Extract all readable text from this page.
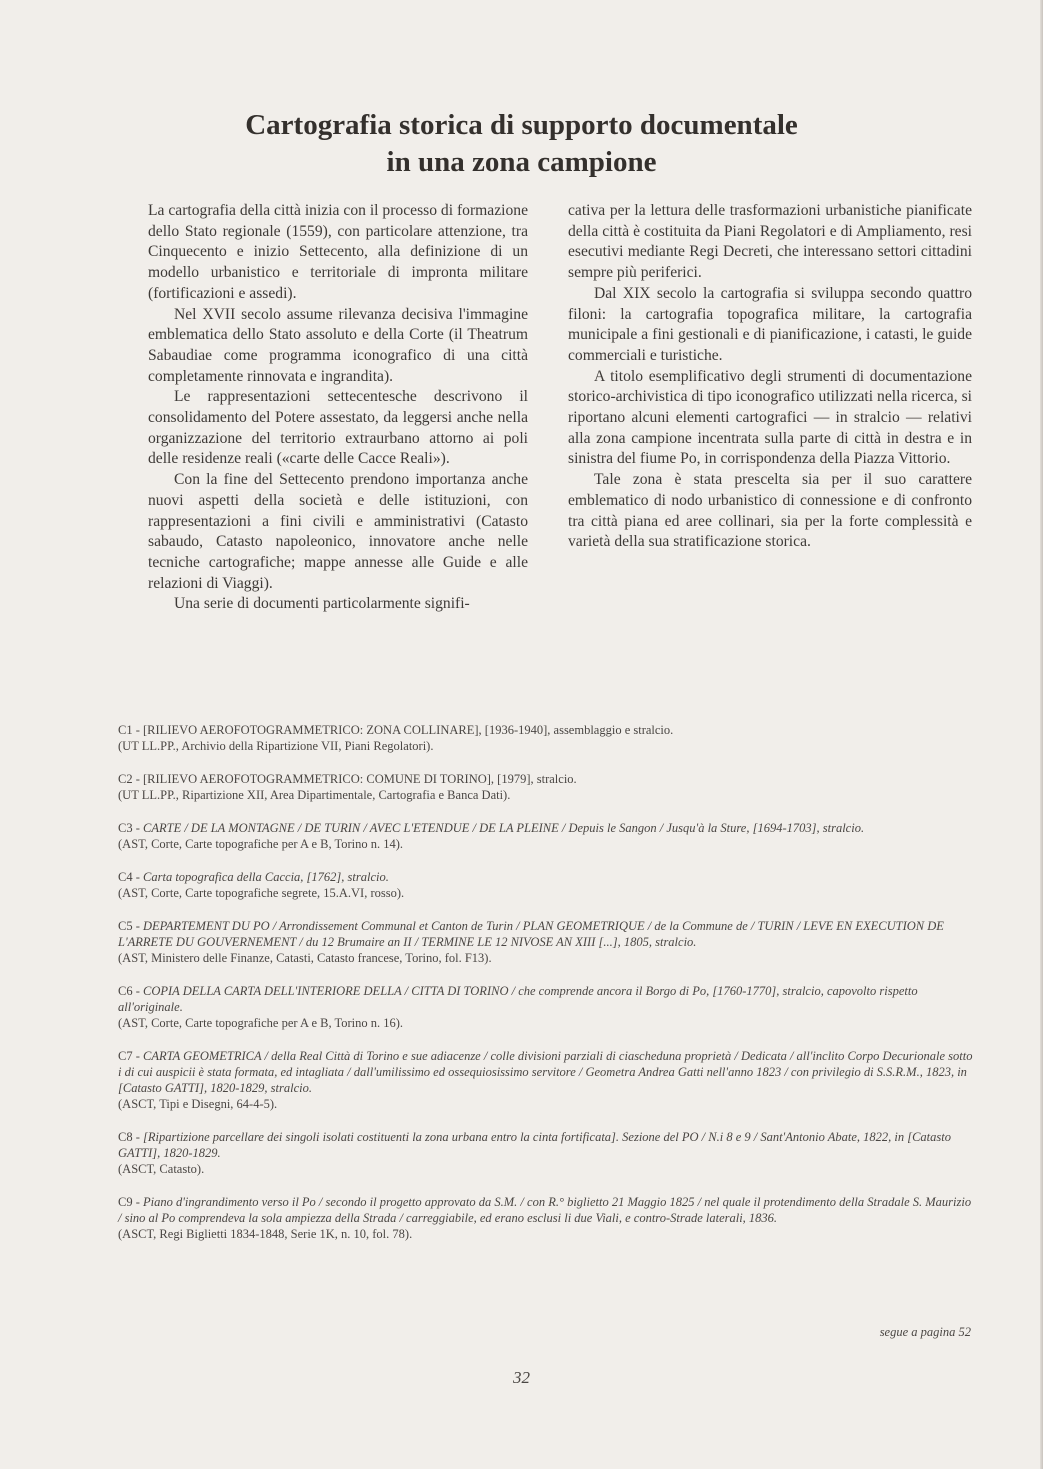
Cartografia storica di supporto documentale
in una zona campione

La cartografia della città inizia con il processo di formazione dello Stato regionale (1559), con particolare attenzione, tra Cinquecento e inizio Settecento, alla definizione di un modello urbanistico e territoriale di impronta militare (fortificazioni e assedi).

Nel XVII secolo assume rilevanza decisiva l'immagine emblematica dello Stato assoluto e della Corte (il Theatrum Sabaudiae come programma iconografico di una città completamente rinnovata e ingrandita).

Le rappresentazioni settecentesche descrivono il consolidamento del Potere assestato, da leggersi anche nella organizzazione del territorio extraurbano attorno ai poli delle residenze reali («carte delle Cacce Reali»).

Con la fine del Settecento prendono importanza anche nuovi aspetti della società e delle istituzioni, con rappresentazioni a fini civili e amministrativi (Catasto sabaudo, Catasto napoleonico, innovatore anche nelle tecniche cartografiche; mappe annesse alle Guide e alle relazioni di Viaggi).

Una serie di documenti particolarmente signifi-

cativa per la lettura delle trasformazioni urbanistiche pianificate della città è costituita da Piani Regolatori e di Ampliamento, resi esecutivi mediante Regi Decreti, che interessano settori cittadini sempre più periferici.

Dal XIX secolo la cartografia si sviluppa secondo quattro filoni: la cartografia topografica militare, la cartografia municipale a fini gestionali e di pianificazione, i catasti, le guide commerciali e turistiche.

A titolo esemplificativo degli strumenti di documentazione storico-archivistica di tipo iconografico utilizzati nella ricerca, si riportano alcuni elementi cartografici — in stralcio — relativi alla zona campione incentrata sulla parte di città in destra e in sinistra del fiume Po, in corrispondenza della Piazza Vittorio.

Tale zona è stata prescelta sia per il suo carattere emblematico di nodo urbanistico di connessione e di confronto tra città piana ed aree collinari, sia per la forte complessità e varietà della sua stratificazione storica.

C1 - [RILIEVO AEROFOTOGRAMMETRICO: ZONA COLLINARE], [1936-1940], assemblaggio e stralcio.
(UT LL.PP., Archivio della Ripartizione VII, Piani Regolatori).
C2 - [RILIEVO AEROFOTOGRAMMETRICO: COMUNE DI TORINO], [1979], stralcio.
(UT LL.PP., Ripartizione XII, Area Dipartimentale, Cartografia e Banca Dati).
C3 - CARTE / DE LA MONTAGNE / DE TURIN / AVEC L'ETENDUE / DE LA PLEINE / Depuis le Sangon / Jusqu'à la Sture, [1694-1703], stralcio.
(AST, Corte, Carte topografiche per A e B, Torino n. 14).
C4 - Carta topografica della Caccia, [1762], stralcio.
(AST, Corte, Carte topografiche segrete, 15.A.VI, rosso).
C5 - DEPARTEMENT DU PO / Arrondissement Communal et Canton de Turin / PLAN GEOMETRIQUE / de la Commune de / TURIN / LEVE EN EXECUTION DE L'ARRETE DU GOUVERNEMENT / du 12 Brumaire an II / TERMINE LE 12 NIVOSE AN XIII [...], 1805, stralcio.
(AST, Ministero delle Finanze, Catasti, Catasto francese, Torino, fol. F13).
C6 - COPIA DELLA CARTA DELL'INTERIORE DELLA / CITTA DI TORINO / che comprende ancora il Borgo di Po, [1760-1770], stralcio, capovolto rispetto all'originale.
(AST, Corte, Carte topografiche per A e B, Torino n. 16).
C7 - CARTA GEOMETRICA / della Real Città di Torino e sue adiacenze / colle divisioni parziali di ciascheduna proprietà / Dedicata / all'inclito Corpo Decurionale sotto i di cui auspicii è stata formata, ed intagliata / dall'umilissimo ed ossequiosissimo servitore / Geometra Andrea Gatti nell'anno 1823 / con privilegio di S.S.R.M., 1823, in [Catasto GATTI], 1820-1829, stralcio.
(ASCT, Tipi e Disegni, 64-4-5).
C8 - [Ripartizione parcellare dei singoli isolati costituenti la zona urbana entro la cinta fortificata]. Sezione del PO / N.i 8 e 9 / Sant'Antonio Abate, 1822, in [Catasto GATTI], 1820-1829.
(ASCT, Catasto).
C9 - Piano d'ingrandimento verso il Po / secondo il progetto approvato da S.M. / con R.° biglietto 21 Maggio 1825 / nel quale il protendimento della Stradale S. Maurizio / sino al Po comprendeva la sola ampiezza della Strada / carreggiabile, ed erano esclusi li due Viali, e contro-Strade laterali, 1836.
(ASCT, Regi Biglietti 1834-1848, Serie 1K, n. 10, fol. 78).
segue a pagina 52
32
